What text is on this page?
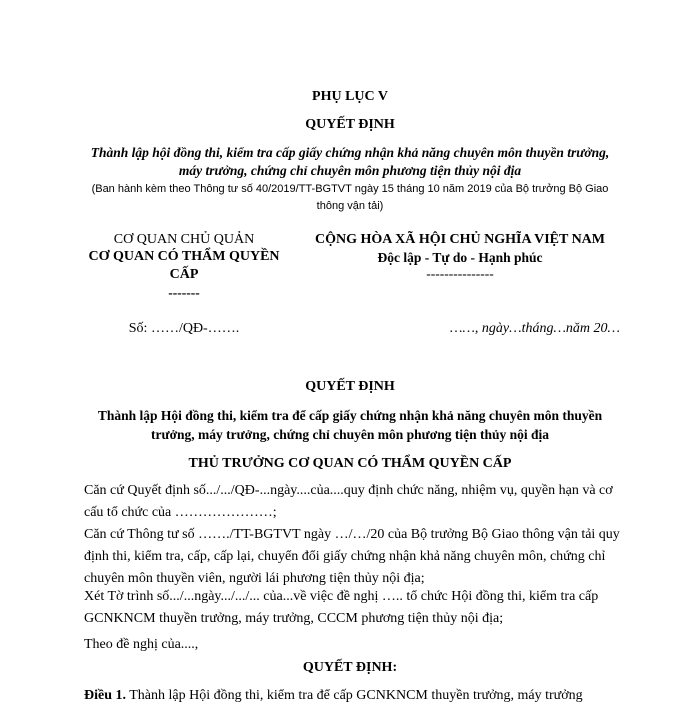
PHỤ LỤC V
QUYẾT ĐỊNH
Thành lập hội đồng thi, kiểm tra cấp giấy chứng nhận khả năng chuyên môn thuyền trưởng,
máy trưởng, chứng chỉ chuyên môn phương tiện thủy nội địa
(Ban hành kèm theo Thông tư số 40/2019/TT-BGTVT ngày 15 tháng 10 năm 2019 của Bộ trưởng Bộ Giao
thông vận tải)
CƠ QUAN CHỦ QUẢN
CƠ QUAN CÓ THẨM QUYỀN
CẤP
-------
Số: ……/QĐ-…….
CỘNG HÒA XÃ HỘI CHỦ NGHĨA VIỆT NAM
Độc lập - Tự do - Hạnh phúc
---------------
……, ngày…tháng…năm 20…
QUYẾT ĐỊNH
Thành lập Hội đồng thi, kiểm tra để cấp giấy chứng nhận khả năng chuyên môn thuyền
trưởng, máy trưởng, chứng chỉ chuyên môn phương tiện thủy nội địa
THỦ TRƯỞNG CƠ QUAN CÓ THẨM QUYỀN CẤP
Căn cứ Quyết định số.../.../QĐ-...ngày....của....quy định chức năng, nhiệm vụ, quyền hạn và cơ
cấu tổ chức của …………………;
Căn cứ Thông tư số ……./TT-BGTVT ngày …/…/20 của Bộ trưởng Bộ Giao thông vận tải quy
định thi, kiểm tra, cấp, cấp lại, chuyển đổi giấy chứng nhận khả năng chuyên môn, chứng chỉ
chuyên môn thuyền viên, người lái phương tiện thủy nội địa;
Xét Tờ trình số.../...ngày.../.../... của...về việc đề nghị ….. tổ chức Hội đồng thi, kiểm tra cấp
GCNKNCM thuyền trưởng, máy trưởng, CCCM phương tiện thủy nội địa;
Theo đề nghị của....,
QUYẾT ĐỊNH:
Điều 1. Thành lập Hội đồng thi, kiểm tra để cấp GCNKNCM thuyền trưởng, máy trưởng
